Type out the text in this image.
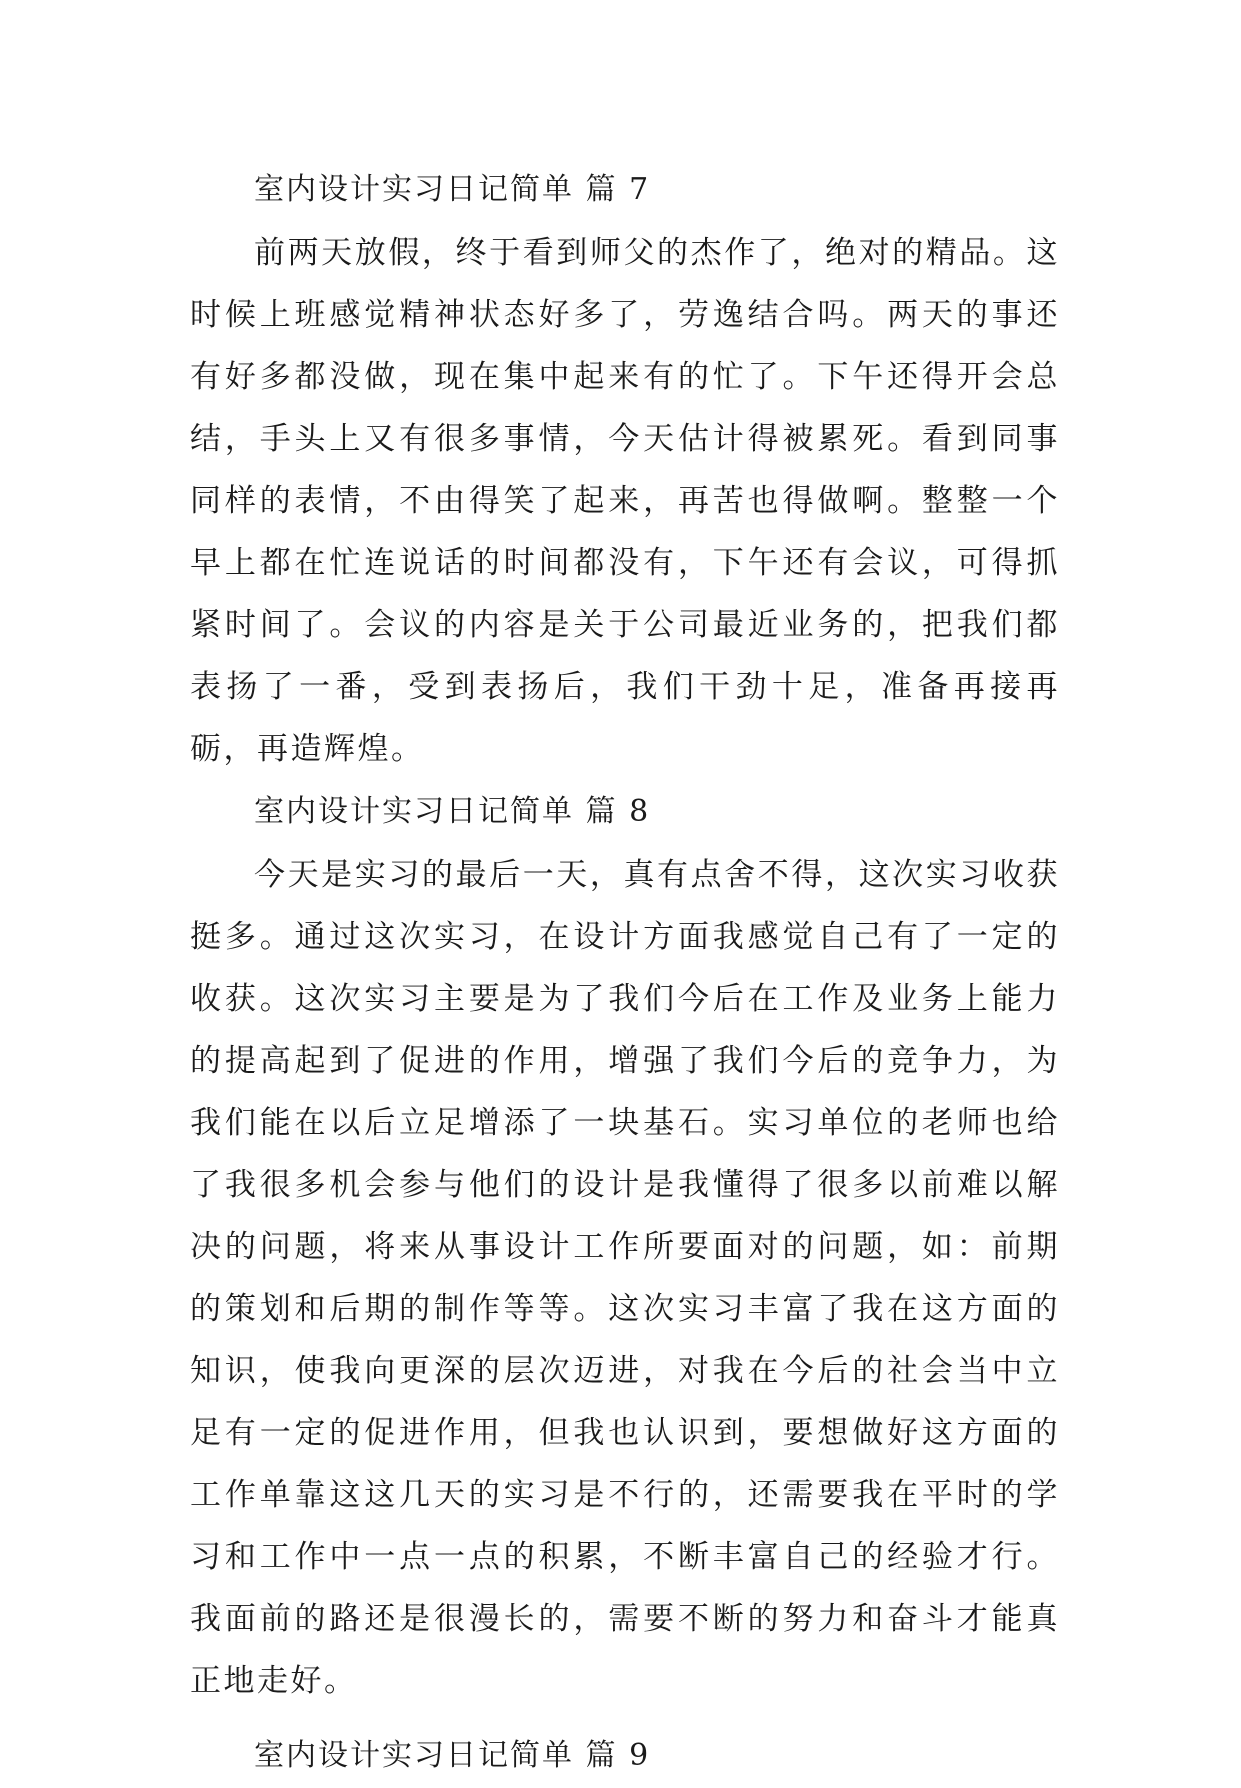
室内设计实习日记简单 篇 7

前两天放假，终于看到师父的杰作了，绝对的精品。这时候上班感觉精神状态好多了，劳逸结合吗。两天的事还有好多都没做，现在集中起来有的忙了。下午还得开会总结，手头上又有很多事情，今天估计得被累死。看到同事同样的表情，不由得笑了起来，再苦也得做啊。整整一个早上都在忙连说话的时间都没有，下午还有会议，可得抓紧时间了。会议的内容是关于公司最近业务的，把我们都表扬了一番，受到表扬后，我们干劲十足，准备再接再砺，再造辉煌。

室内设计实习日记简单 篇 8

今天是实习的最后一天，真有点舍不得，这次实习收获挺多。通过这次实习，在设计方面我感觉自己有了一定的收获。这次实习主要是为了我们今后在工作及业务上能力的提高起到了促进的作用，增强了我们今后的竞争力，为我们能在以后立足增添了一块基石。实习单位的老师也给了我很多机会参与他们的设计是我懂得了很多以前难以解决的问题，将来从事设计工作所要面对的问题，如：前期的策划和后期的制作等等。这次实习丰富了我在这方面的知识，使我向更深的层次迈进，对我在今后的社会当中立足有一定的促进作用，但我也认识到，要想做好这方面的工作单靠这这几天的实习是不行的，还需要我在平时的学习和工作中一点一点的积累，不断丰富自己的经验才行。我面前的路还是很漫长的，需要不断的努力和奋斗才能真正地走好。

室内设计实习日记简单 篇 9
